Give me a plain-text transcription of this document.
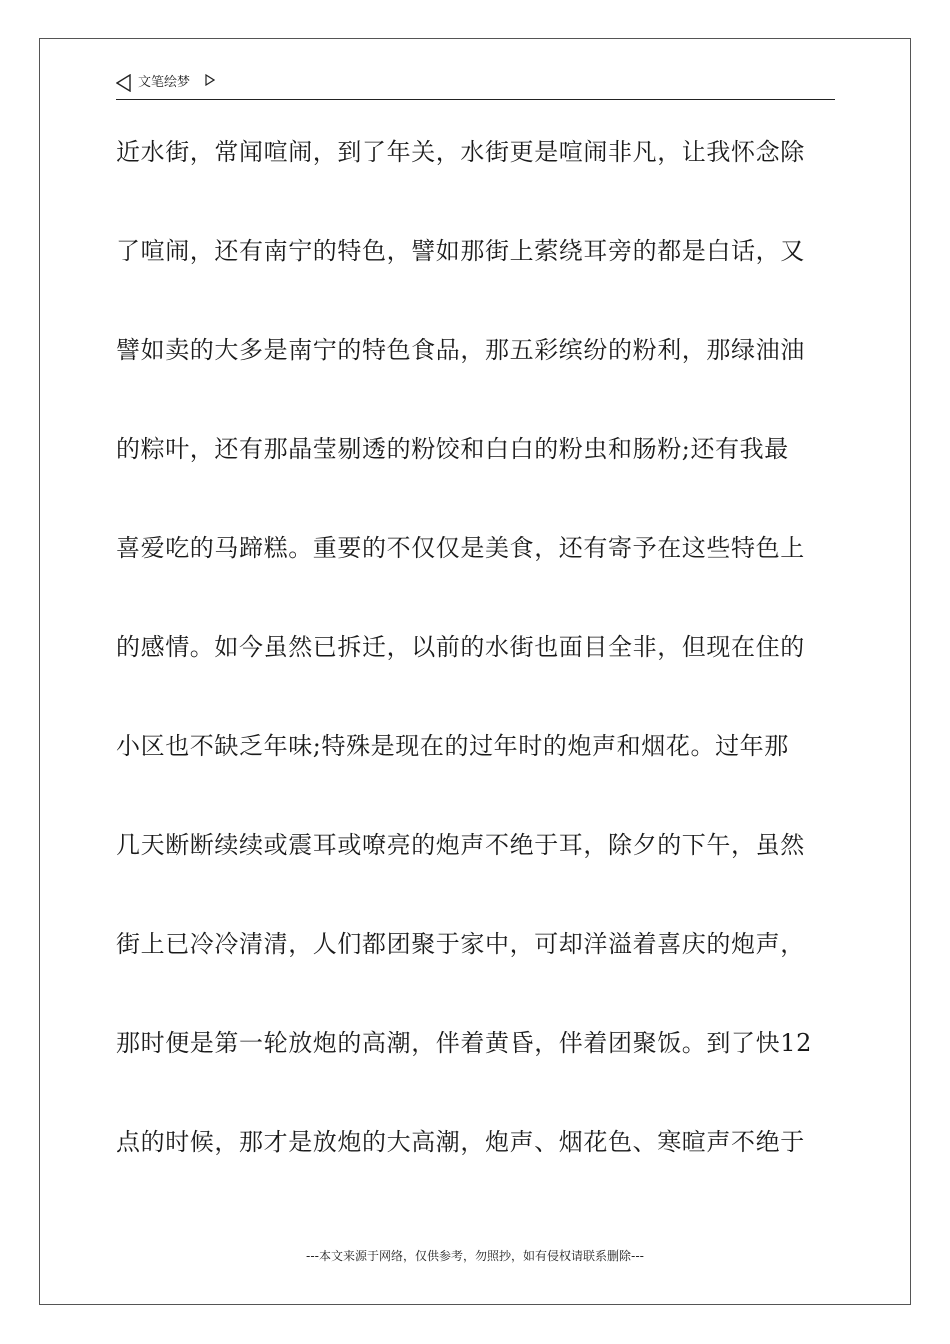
文笔绘梦
近水街，常闻喧闹，到了年关，水街更是喧闹非凡，让我怀念除
了喧闹，还有南宁的特色，譬如那街上萦绕耳旁的都是白话，又
譬如卖的大多是南宁的特色食品，那五彩缤纷的粉利，那绿油油
的粽叶，还有那晶莹剔透的粉饺和白白的粉虫和肠粉;还有我最
喜爱吃的马蹄糕。重要的不仅仅是美食，还有寄予在这些特色上
的感情。如今虽然已拆迁，以前的水街也面目全非，但现在住的
小区也不缺乏年味;特殊是现在的过年时的炮声和烟花。过年那
几天断断续续或震耳或嘹亮的炮声不绝于耳，除夕的下午，虽然
街上已冷冷清清，人们都团聚于家中，可却洋溢着喜庆的炮声，
那时便是第一轮放炮的高潮，伴着黄昏，伴着团聚饭。到了快12
点的时候，那才是放炮的大高潮，炮声、烟花色、寒暄声不绝于
---本文来源于网络，仅供参考，勿照抄，如有侵权请联系删除---
